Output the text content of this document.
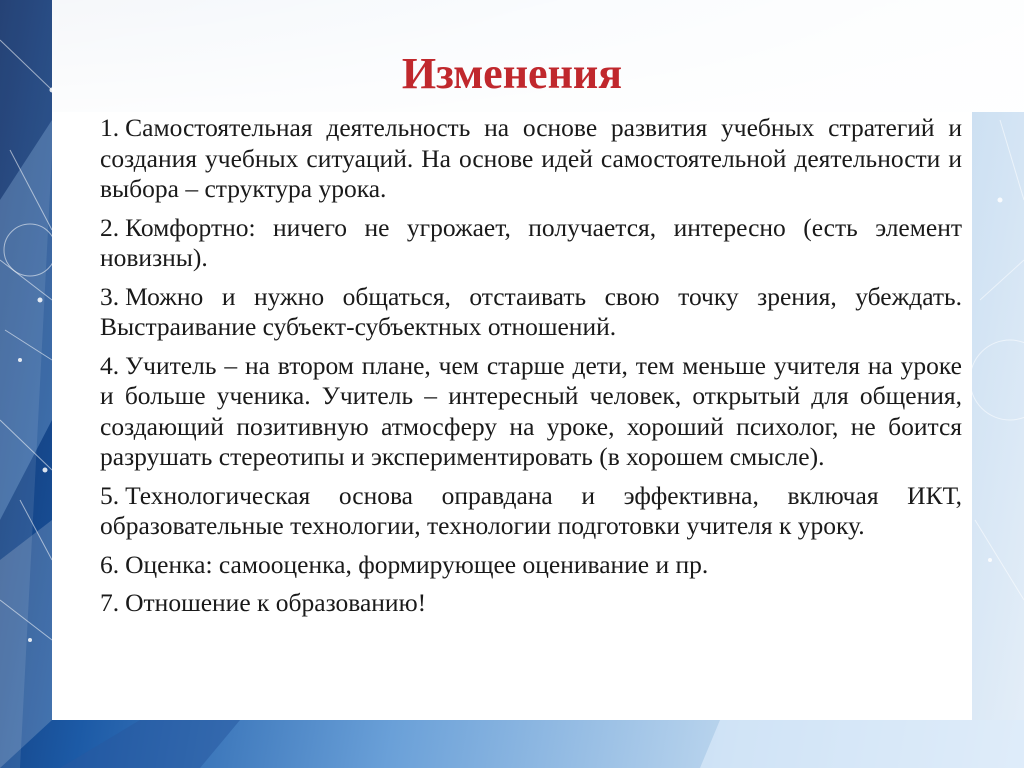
Изменения
1. Самостоятельная деятельность на основе развития учебных стратегий и создания учебных ситуаций. На основе идей самостоятельной деятельности и выбора – структура урока.
2. Комфортно: ничего не угрожает, получается, интересно (есть элемент новизны).
3. Можно и нужно общаться, отстаивать свою точку зрения, убеждать. Выстраивание субъект-субъектных отношений.
4. Учитель – на втором плане, чем старше дети, тем меньше учителя на уроке и больше ученика. Учитель – интересный человек, открытый для общения, создающий позитивную атмосферу на уроке, хороший психолог, не боится разрушать стереотипы и экспериментировать (в хорошем смысле).
5. Технологическая основа оправдана и эффективна, включая ИКТ, образовательные технологии, технологии подготовки учителя к уроку.
6. Оценка: самооценка, формирующее оценивание и пр.
7. Отношение к образованию!
